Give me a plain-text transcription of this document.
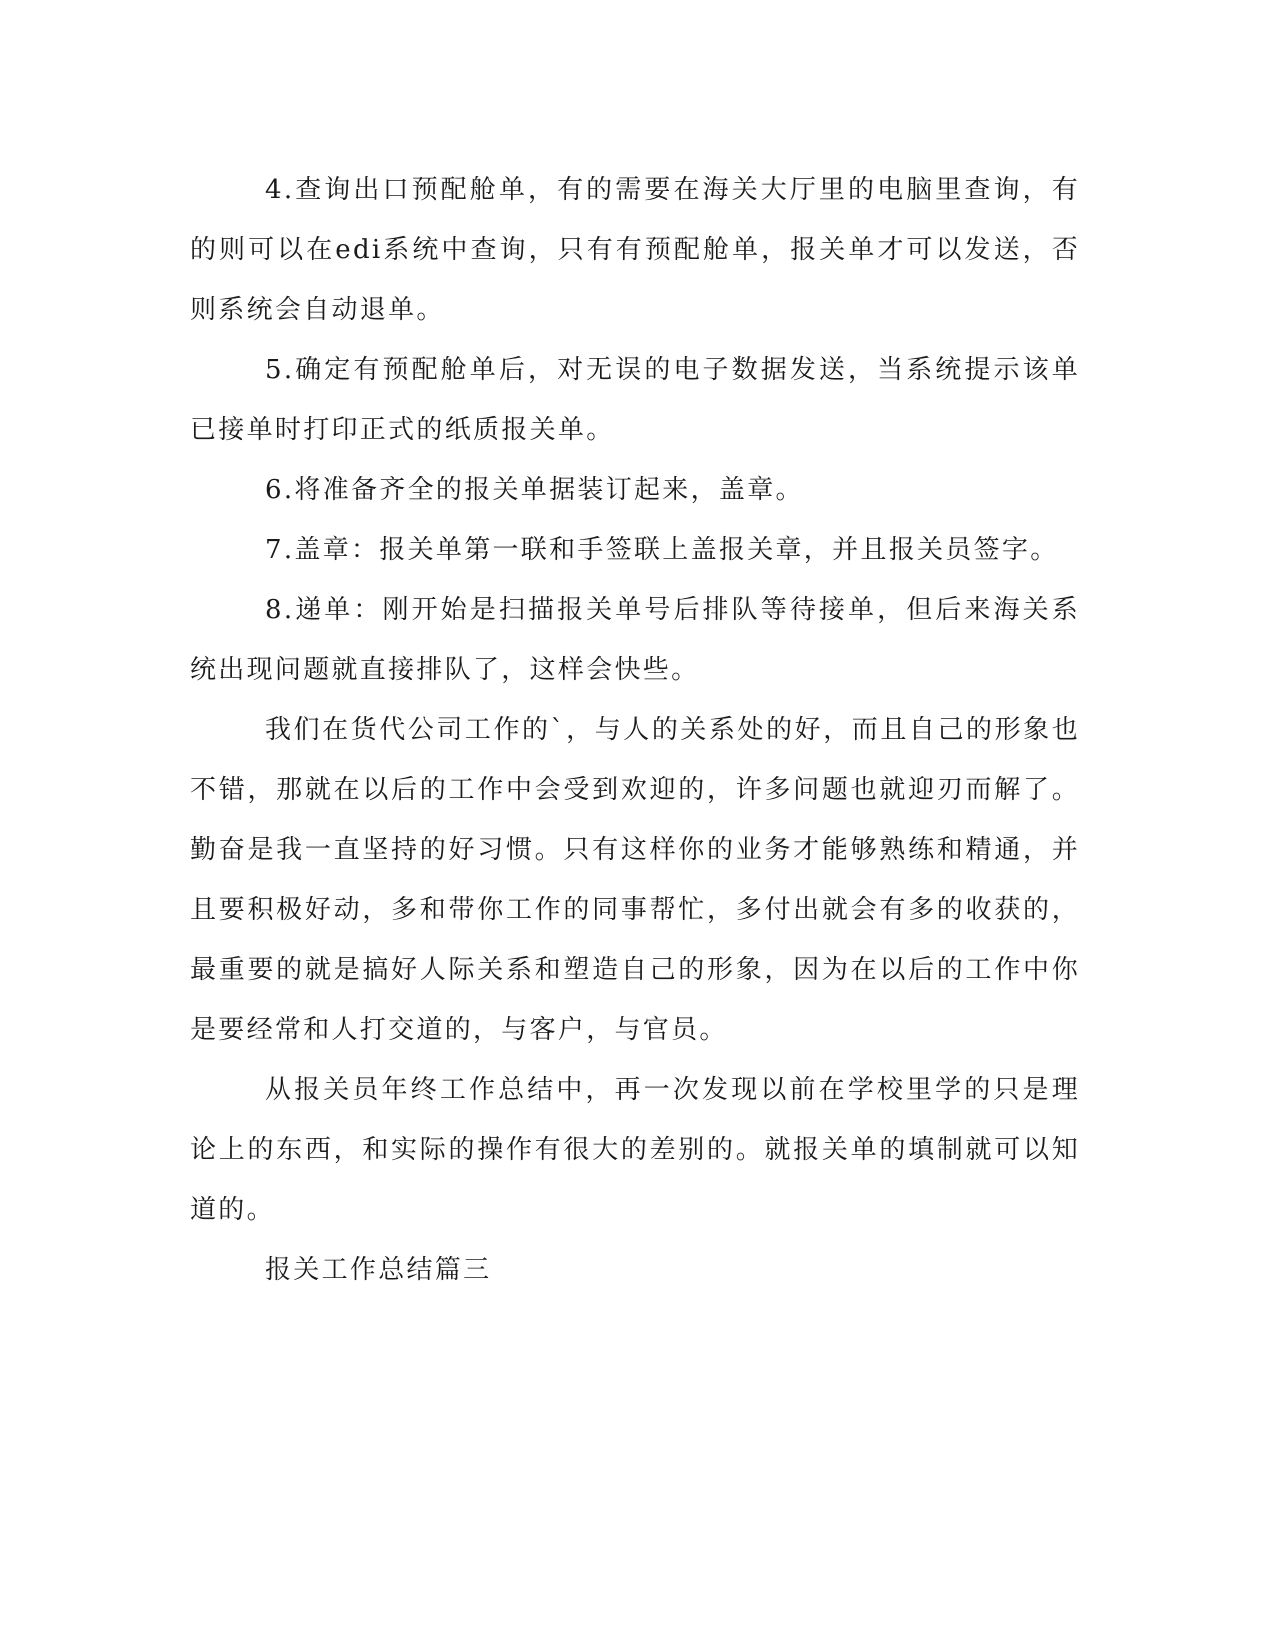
4.查询出口预配舱单，有的需要在海关大厅里的电脑里查询，有的则可以在edi系统中查询，只有有预配舱单，报关单才可以发送，否则系统会自动退单。

5.确定有预配舱单后，对无误的电子数据发送，当系统提示该单已接单时打印正式的纸质报关单。

6.将准备齐全的报关单据装订起来，盖章。

7.盖章：报关单第一联和手签联上盖报关章，并且报关员签字。

8.递单：刚开始是扫描报关单号后排队等待接单，但后来海关系统出现问题就直接排队了，这样会快些。

我们在货代公司工作的`，与人的关系处的好，而且自己的形象也不错，那就在以后的工作中会受到欢迎的，许多问题也就迎刃而解了。勤奋是我一直坚持的好习惯。只有这样你的业务才能够熟练和精通，并且要积极好动，多和带你工作的同事帮忙，多付出就会有多的收获的，最重要的就是搞好人际关系和塑造自己的形象，因为在以后的工作中你是要经常和人打交道的，与客户，与官员。

从报关员年终工作总结中，再一次发现以前在学校里学的只是理论上的东西，和实际的操作有很大的差别的。就报关单的填制就可以知道的。

报关工作总结篇三
